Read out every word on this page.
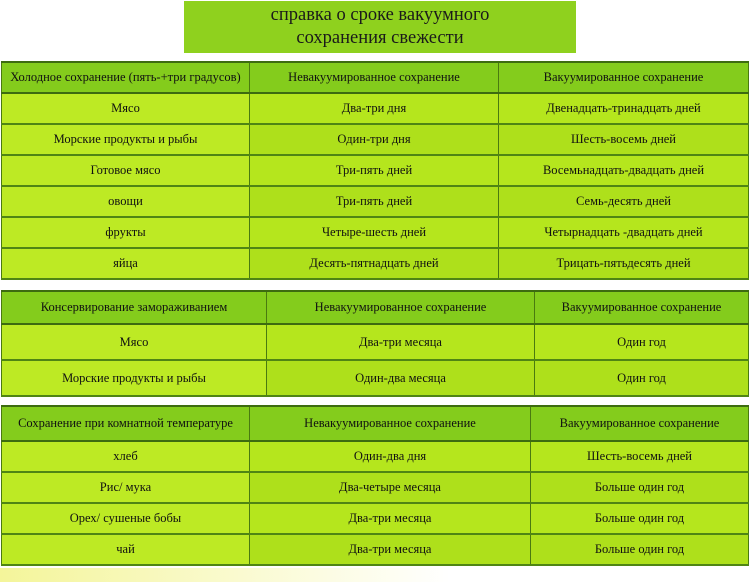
справка о сроке вакуумного
сохранения свежести
Холодное сохранение (пять-+три градусов)	Невакуумированное сохранение	Вакуумированное сохранение
Мясо	Два-три дня	Двенадцать-тринадцать дней
Морские продукты и рыбы	Один-три дня	Шесть-восемь дней
Готовое мясо	Три-пять дней	Восемьнадцать-двадцать дней
овощи	Три-пять дней	Семь-десять дней
фрукты	Четыре-шесть дней	Четырнадцать -двадцать дней
яйца	Десять-пятнадцать дней	Трицать-пятьдесять дней
Консервирование замораживанием	Невакуумированное сохранение	Вакуумированное сохранение
Мясо	Два-три месяца	Один год
Морские продукты и рыбы	Один-два месяца	Один год
Сохранение при комнатной температуре	Невакуумированное сохранение	Вакуумированное сохранение
хлеб	Один-два дня	Шесть-восемь дней
Рис/ мука	Два-четыре месяца	Больше один год
Орех/ сушеные бобы	Два-три месяца	Больше один год
чай	Два-три месяца	Больше один год
